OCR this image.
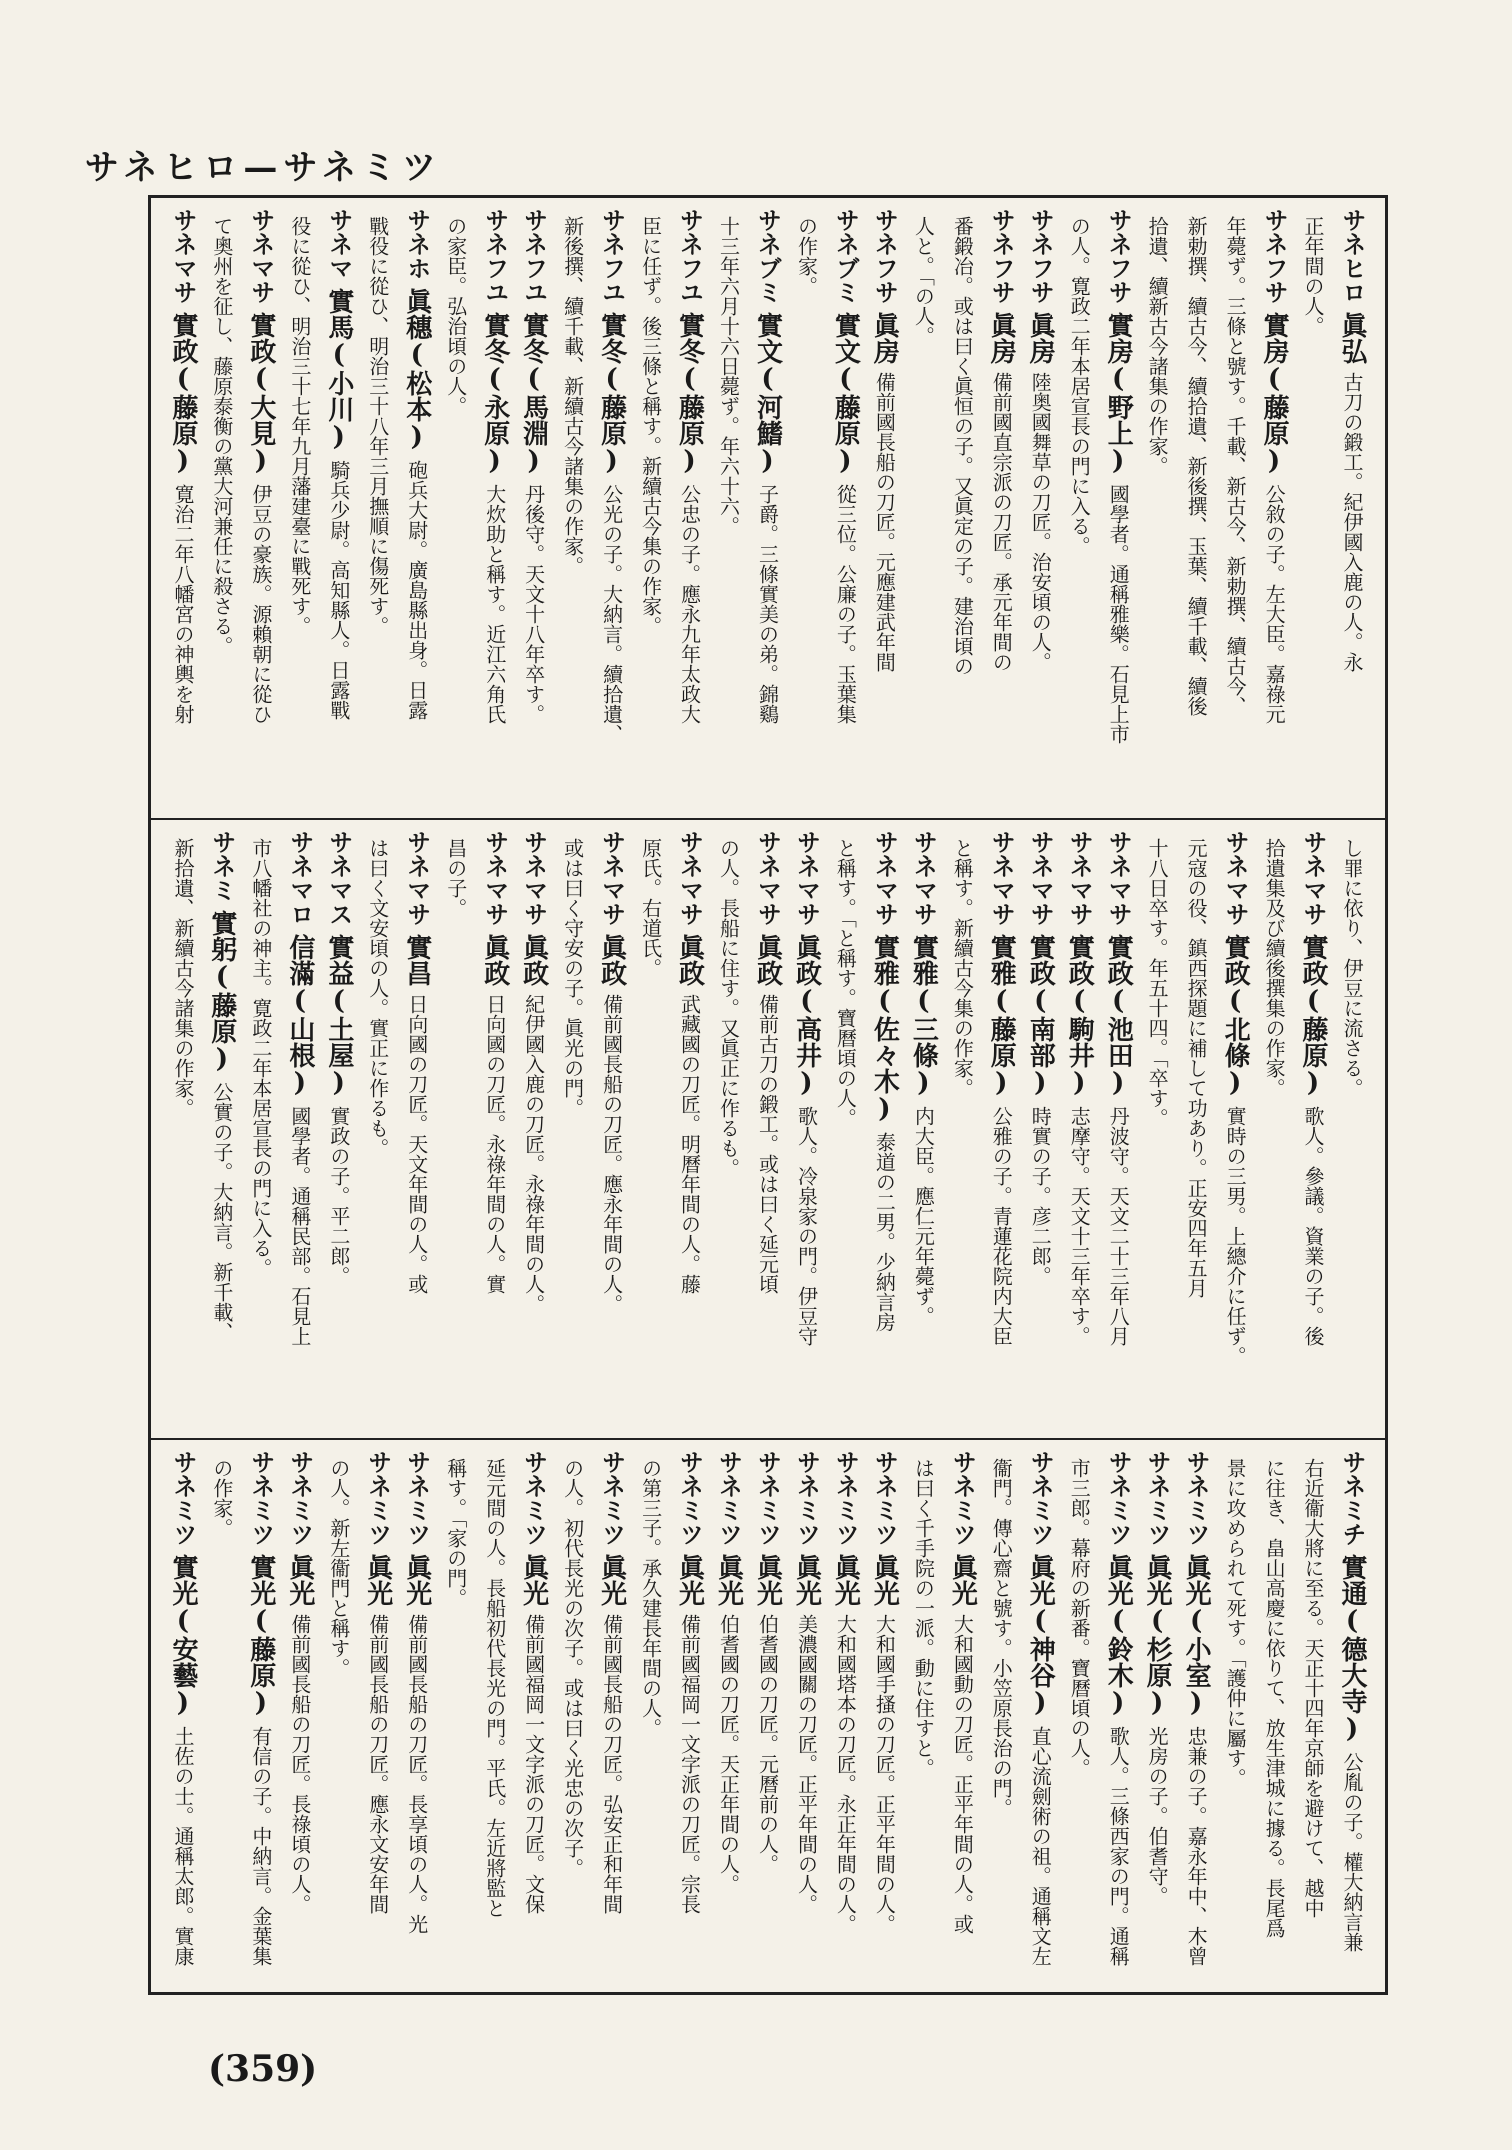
サネヒロ—サネミツ
サネヒロ眞弘古刀の鍛工。紀伊國入鹿の人。永
正年間の人。
サネフサ實房(藤原)公敘の子。左大臣。嘉祿元
年薨ず。三條と號す。千載、新古今、新勅撰、續古今、
新勅撰、續古今、續拾遺、新後撰、玉葉、續千載、續後
拾遺、續新古今諸集の作家。
サネフサ實房(野上)國學者。通稱雅樂。石見上市
の人。寛政二年本居宣長の門に入る。
サネフサ眞房陸奥國舞草の刀匠。治安頃の人。
サネフサ眞房備前國直宗派の刀匠。承元年間の
番鍛冶。或は曰く眞恒の子。又眞定の子。建治頃の
人と。「の人。
サネフサ眞房備前國長船の刀匠。元應建武年間
サネブミ實文(藤原)從三位。公廉の子。玉葉集
の作家。
サネブミ實文(河鰭)子爵。三條實美の弟。錦鷄
十三年六月十六日薨ず。年六十六。
サネフユ實冬(藤原)公忠の子。應永九年太政大
臣に任ず。後三條と稱す。新續古今集の作家。
サネフユ實冬(藤原)公光の子。大納言。續拾遺、
新後撰、續千載、新續古今諸集の作家。
サネフユ實冬(馬淵)丹後守。天文十八年卒す。
サネフユ實冬(永原)大炊助と稱す。近江六角氏
の家臣。弘治頃の人。
サネホ眞穗(松本)砲兵大尉。廣島縣出身。日露
戰役に從ひ、明治三十八年三月撫順に傷死す。
サネマ實馬(小川)騎兵少尉。高知縣人。日露戰
役に從ひ、明治三十七年九月藩建臺に戰死す。
サネマサ實政(大見)伊豆の豪族。源賴朝に從ひ
て奧州を征し、藤原泰衡の黨大河兼任に殺さる。
サネマサ實政(藤原)寛治二年八幡宮の神輿を射
し罪に依り、伊豆に流さる。
サネマサ實政(藤原)歌人。參議。資業の子。後
拾遺集及び續後撰集の作家。
サネマサ實政(北條)實時の三男。上總介に任ず。
元寇の役、鎮西探題に補して功あり。正安四年五月
十八日卒す。年五十四。「卒す。
サネマサ實政(池田)丹波守。天文二十三年八月
サネマサ實政(駒井)志摩守。天文十三年卒す。
サネマサ實政(南部)時實の子。彦二郎。
サネマサ實雅(藤原)公雅の子。青蓮花院内大臣
と稱す。新續古今集の作家。
サネマサ實雅(三條)内大臣。應仁元年薨ず。
サネマサ實雅(佐々木)泰道の二男。少納言房
と稱す。「と稱す。寶曆頃の人。
サネマサ眞政(高井)歌人。冷泉家の門。伊豆守
サネマサ眞政備前古刀の鍛工。或は曰く延元頃
の人。長船に住す。又眞正に作るも。
サネマサ眞政武藏國の刀匠。明曆年間の人。藤
原氏。右道氏。
サネマサ眞政備前國長船の刀匠。應永年間の人。
或は曰く守安の子。眞光の門。
サネマサ眞政紀伊國入鹿の刀匠。永祿年間の人。
サネマサ眞政日向國の刀匠。永祿年間の人。實
昌の子。
サネマサ實昌日向國の刀匠。天文年間の人。或
は曰く文安頃の人。實正に作るも。
サネマス實益(土屋)實政の子。平二郎。
サネマロ信滿(山根)國學者。通稱民部。石見上
市八幡社の神主。寛政二年本居宣長の門に入る。
サネミ實躬(藤原)公實の子。大納言。新千載、
新拾遺、新續古今諸集の作家。
サネミチ實通(德大寺)公胤の子。權大納言兼
右近衞大將に至る。天正十四年京師を避けて、越中
に往き、畠山高慶に依りて、放生津城に據る。長尾爲
景に攻められて死す。「護仲に屬す。
サネミツ眞光(小室)忠兼の子。嘉永年中、木曾
サネミツ眞光(杉原)光房の子。伯耆守。
サネミツ眞光(鈴木)歌人。三條西家の門。通稱
市三郎。幕府の新番。寶曆頃の人。
サネミツ眞光(神谷)直心流劍術の祖。通稱文左
衞門。傳心齋と號す。小笠原長治の門。
サネミツ眞光大和國動の刀匠。正平年間の人。或
は曰く千手院の一派。動に住すと。
サネミツ眞光大和國手搔の刀匠。正平年間の人。
サネミツ眞光大和國塔本の刀匠。永正年間の人。
サネミツ眞光美濃國關の刀匠。正平年間の人。
サネミツ眞光伯耆國の刀匠。元曆前の人。
サネミツ眞光伯耆國の刀匠。天正年間の人。
サネミツ眞光備前國福岡一文字派の刀匠。宗長
の第三子。承久建長年間の人。
サネミツ眞光備前國長船の刀匠。弘安正和年間
の人。初代長光の次子。或は曰く光忠の次子。
サネミツ眞光備前國福岡一文字派の刀匠。文保
延元間の人。長船初代長光の門。平氏。左近將監と
稱す。「家の門。
サネミツ眞光備前國長船の刀匠。長享頃の人。光
サネミツ眞光備前國長船の刀匠。應永文安年間
の人。新左衞門と稱す。
サネミツ眞光備前國長船の刀匠。長祿頃の人。
サネミツ實光(藤原)有信の子。中納言。金葉集
の作家。
サネミツ實光(安藝)土佐の士。通稱太郎。實康
(359)
